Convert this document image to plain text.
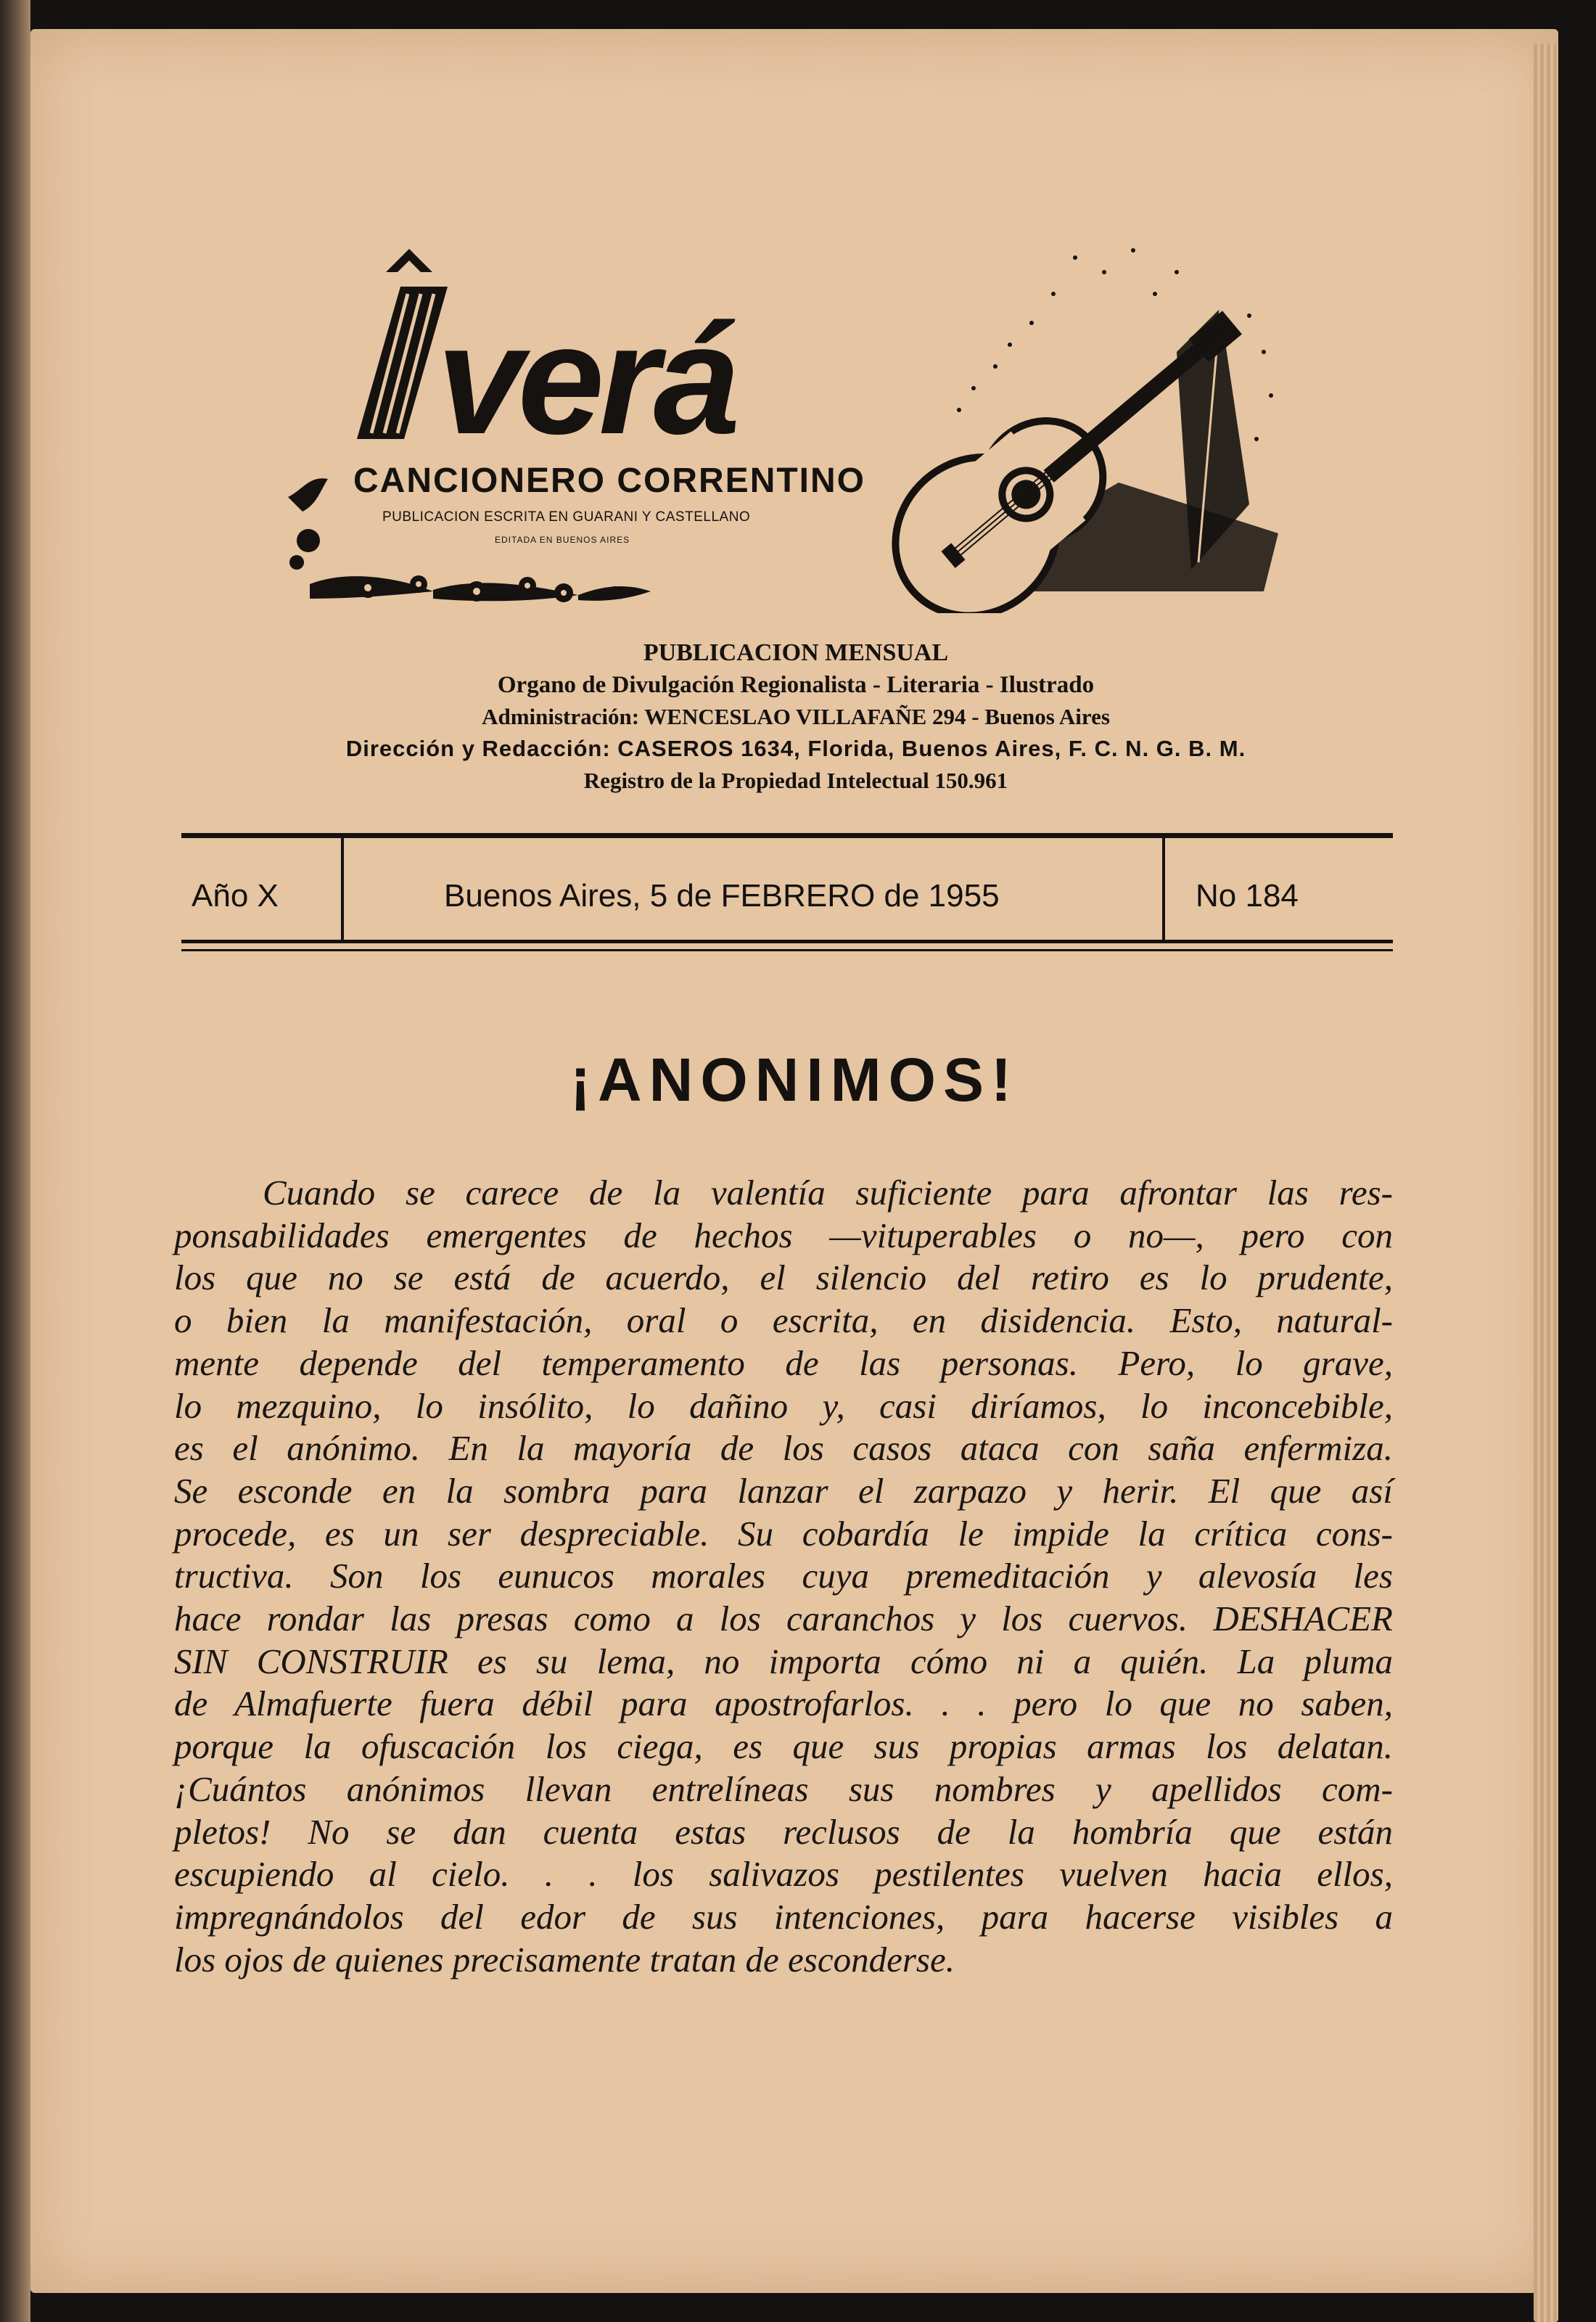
verá
CANCIONERO CORRENTINO
PUBLICACION ESCRITA EN GUARANI Y CASTELLANO
EDITADA EN BUENOS AIRES
PUBLICACION MENSUAL
Organo de Divulgación Regionalista - Literaria - Ilustrado
Administración: WENCESLAO VILLAFAÑE 294 - Buenos Aires
Dirección y Redacción: CASEROS 1634, Florida, Buenos Aires, F. C. N. G. B. M.
Registro de la Propiedad Intelectual 150.961
Año X	Buenos Aires, 5 de FEBRERO de 1955	No 184
¡ANONIMOS!
Cuando se carece de la valentía suficiente para afrontar las res-
ponsabilidades emergentes de hechos —vituperables o no—, pero con
los que no se está de acuerdo, el silencio del retiro es lo prudente,
o bien la manifestación, oral o escrita, en disidencia. Esto, natural-
mente depende del temperamento de las personas. Pero, lo grave,
lo mezquino, lo insólito, lo dañino y, casi diríamos, lo inconcebible,
es el anónimo. En la mayoría de los casos ataca con saña enfermiza.
Se esconde en la sombra para lanzar el zarpazo y herir. El que así
procede, es un ser despreciable. Su cobardía le impide la crítica cons-
tructiva. Son los eunucos morales cuya premeditación y alevosía les
hace rondar las presas como a los caranchos y los cuervos. DESHACER
SIN CONSTRUIR es su lema, no importa cómo ni a quién. La pluma
de Almafuerte fuera débil para apostrofarlos. . . pero lo que no saben,
porque la ofuscación los ciega, es que sus propias armas los delatan.
¡Cuántos anónimos llevan entrelíneas sus nombres y apellidos com-
pletos! No se dan cuenta estas reclusos de la hombría que están
escupiendo al cielo. . . los salivazos pestilentes vuelven hacia ellos,
impregnándolos del edor de sus intenciones, para hacerse visibles a
los ojos de quienes precisamente tratan de esconderse.
